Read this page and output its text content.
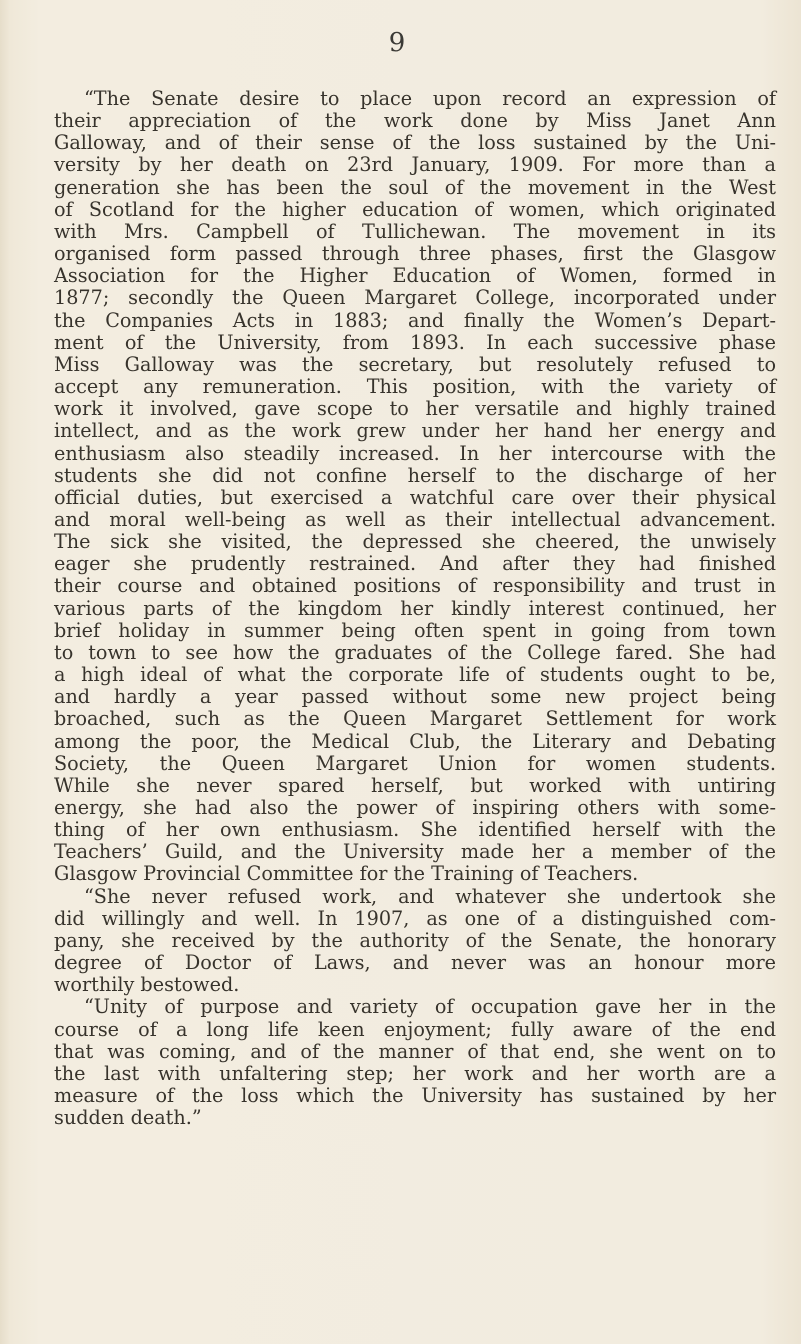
9

“The Senate desire to place upon record an expression of
their appreciation of the work done by Miss Janet Ann
Galloway, and of their sense of the loss sustained by the Uni-
versity by her death on 23rd January, 1909. For more than a
generation she has been the soul of the movement in the West
of Scotland for the higher education of women, which originated
with Mrs. Campbell of Tullichewan. The movement in its
organised form passed through three phases, first the Glasgow
Association for the Higher Education of Women, formed in
1877; secondly the Queen Margaret College, incorporated under
the Companies Acts in 1883; and finally the Women’s Depart-
ment of the University, from 1893. In each successive phase
Miss Galloway was the secretary, but resolutely refused to
accept any remuneration. This position, with the variety of
work it involved, gave scope to her versatile and highly trained
intellect, and as the work grew under her hand her energy and
enthusiasm also steadily increased. In her intercourse with the
students she did not confine herself to the discharge of her
official duties, but exercised a watchful care over their physical
and moral well-being as well as their intellectual advancement.
The sick she visited, the depressed she cheered, the unwisely
eager she prudently restrained. And after they had finished
their course and obtained positions of responsibility and trust in
various parts of the kingdom her kindly interest continued, her
brief holiday in summer being often spent in going from town
to town to see how the graduates of the College fared. She had
a high ideal of what the corporate life of students ought to be,
and hardly a year passed without some new project being
broached, such as the Queen Margaret Settlement for work
among the poor, the Medical Club, the Literary and Debating
Society, the Queen Margaret Union for women students.
While she never spared herself, but worked with untiring
energy, she had also the power of inspiring others with some-
thing of her own enthusiasm. She identified herself with the
Teachers’ Guild, and the University made her a member of the
Glasgow Provincial Committee for the Training of Teachers.

“She never refused work, and whatever she undertook she
did willingly and well. In 1907, as one of a distinguished com-
pany, she received by the authority of the Senate, the honorary
degree of Doctor of Laws, and never was an honour more
worthily bestowed.

“Unity of purpose and variety of occupation gave her in the
course of a long life keen enjoyment; fully aware of the end
that was coming, and of the manner of that end, she went on to
the last with unfaltering step; her work and her worth are a
measure of the loss which the University has sustained by her
sudden death.”
